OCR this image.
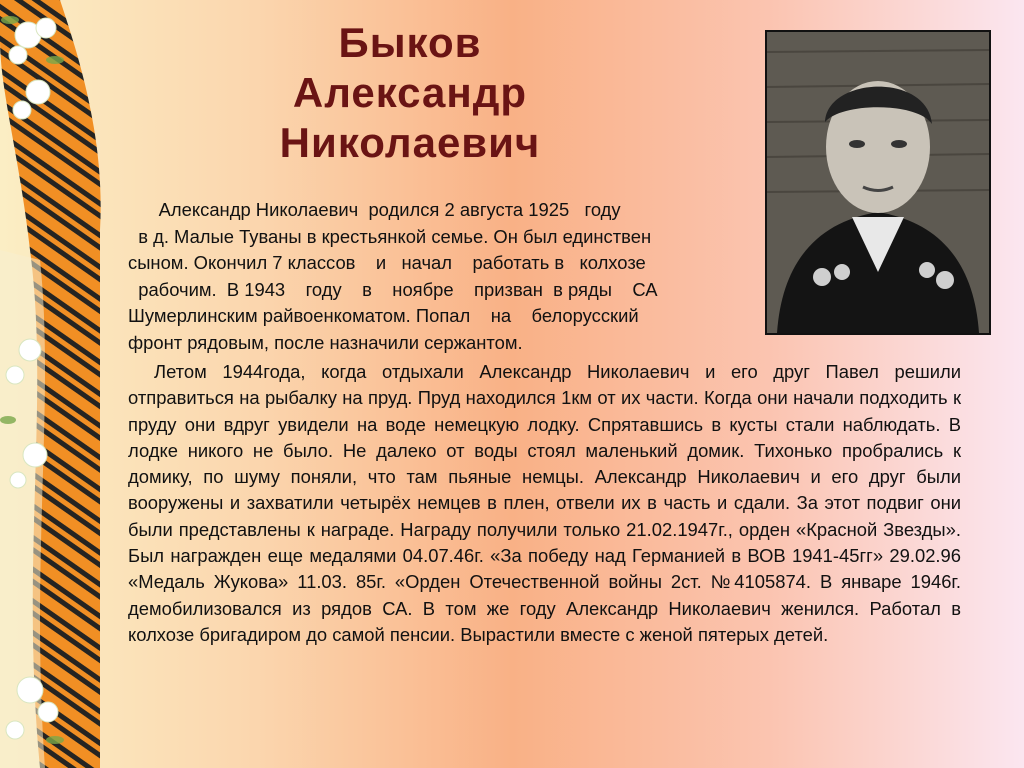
Быков
Александр
Николаевич
Александр Николаевич  родился 2 августа 1925   году
в д. Малые Туваны в крестьянкой семье. Он был единствен
сыном. Окончил 7 классов    и   начал    работать в   колхозе
рабочим.  В 1943    году    в    ноябре    призван  в ряды    СА
Шумерлинским райвоенкоматом. Попал    на    белорусский
фронт рядовым, после назначили сержантом.
Летом 1944года, когда отдыхали Александр Николаевич и его друг Павел решили отправиться на рыбалку на пруд. Пруд находился 1км от их части. Когда они начали подходить к пруду они вдруг увидели на воде немецкую лодку. Спрятавшись в кусты стали наблюдать. В лодке никого не было. Не далеко от воды стоял маленький домик. Тихонько пробрались к домику, по шуму поняли, что там пьяные немцы. Александр Николаевич и его друг были вооружены и захватили четырёх немцев в плен, отвели их в часть и сдали. За этот подвиг они были представлены к награде. Награду получили только 21.02.1947г., орден «Красной Звезды». Был награжден еще медалями 04.07.46г. «За победу над Германией в ВОВ 1941-45гг» 29.02.96 «Медаль Жукова» 11.03. 85г. «Орден Отечественной войны 2ст. №4105874. В январе 1946г. демобилизовался из рядов СА. В том же году Александр Николаевич женился. Работал в колхозе бригадиром до самой пенсии. Вырастили вместе с женой пятерых детей.
